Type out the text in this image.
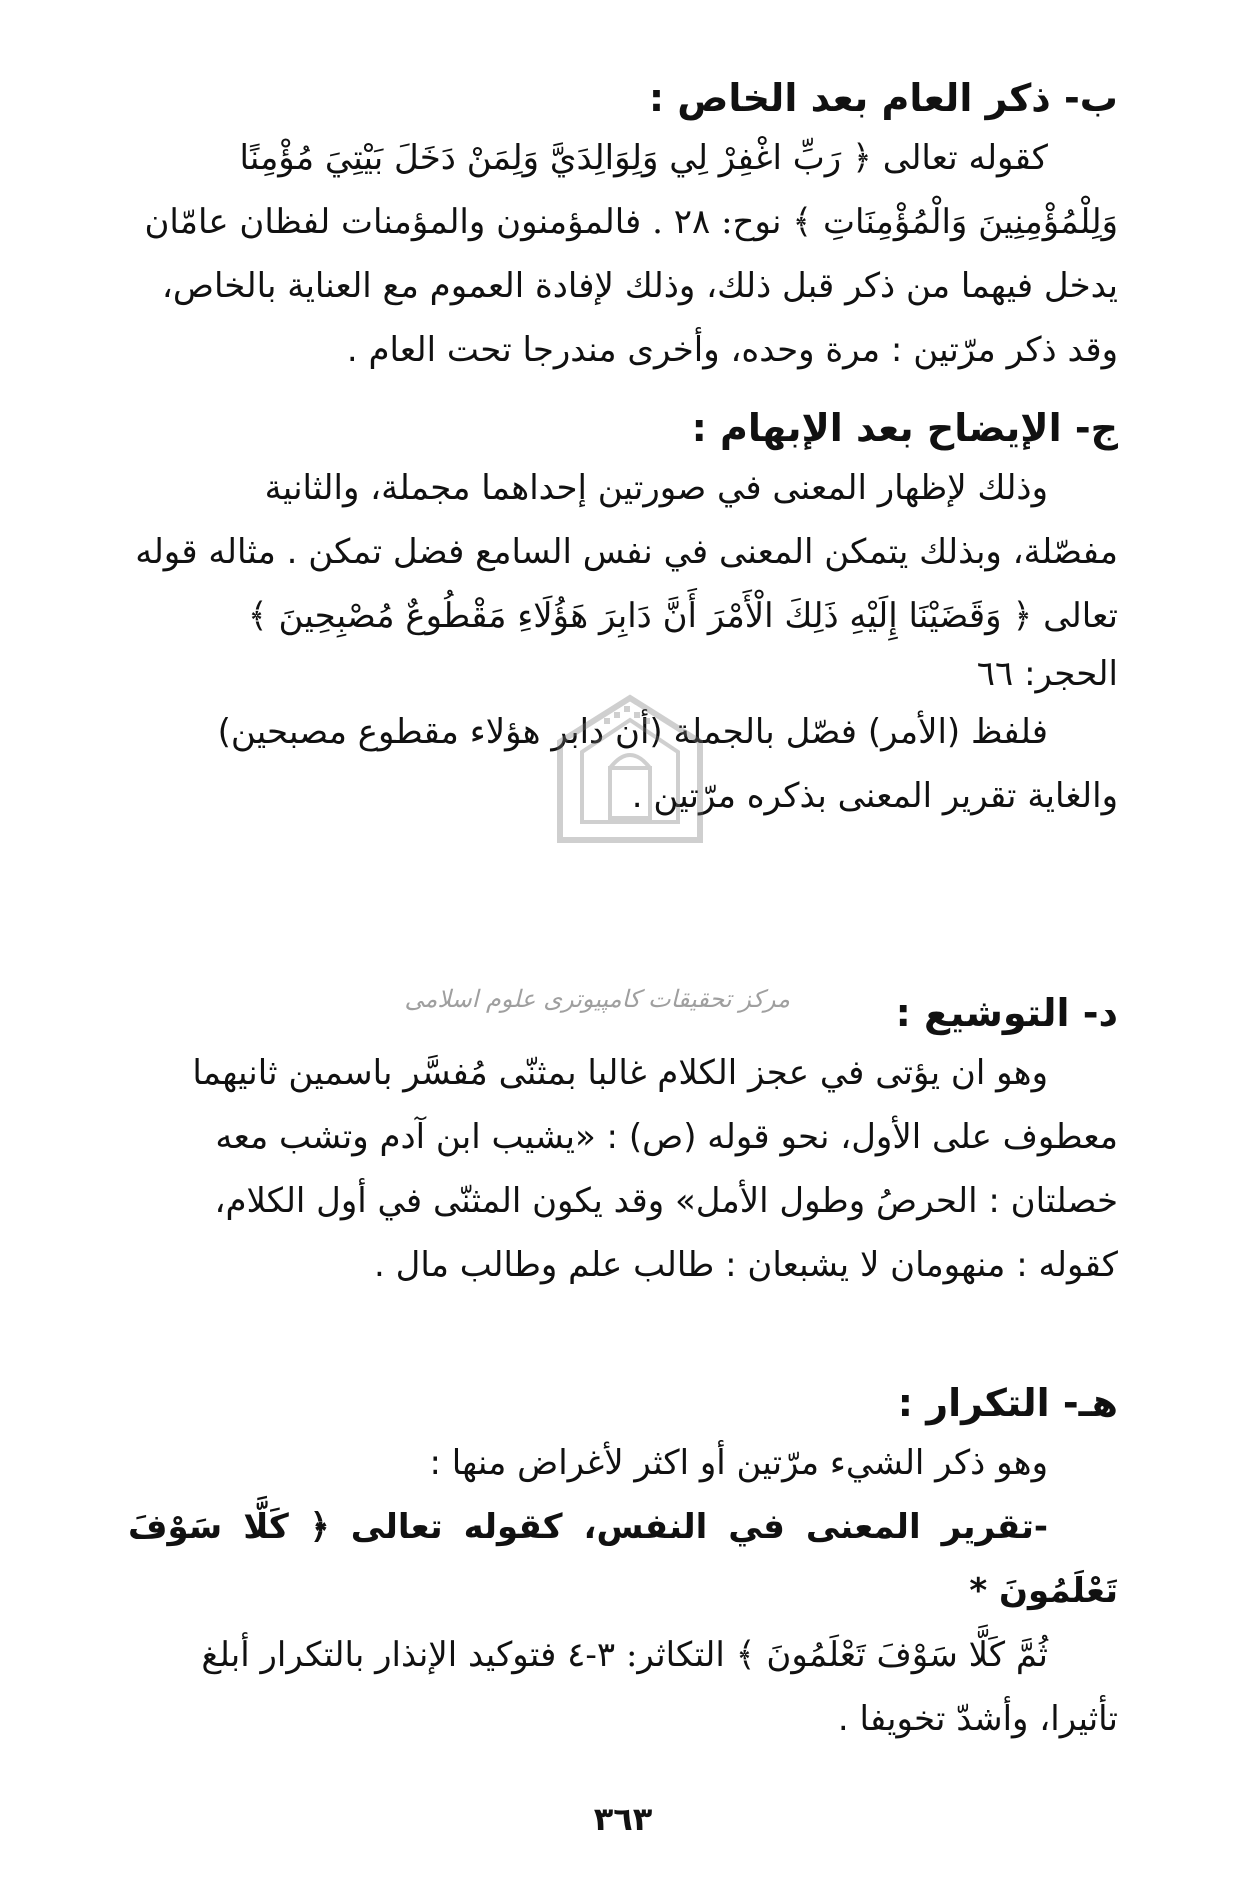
ب- ذكر العام بعد الخاص :

كقوله تعالى ﴿ رَبِّ اغْفِرْ لِي وَلِوَالِدَيَّ وَلِمَنْ دَخَلَ بَيْتِيَ مُؤْمِنًا

وَلِلْمُؤْمِنِينَ وَالْمُؤْمِنَاتِ ﴾ نوح: ٢٨ . فالمؤمنون والمؤمنات لفظان عامّان

يدخل فيهما من ذكر قبل ذلك، وذلك لإفادة العموم مع العناية بالخاص،

وقد ذكر مرّتين : مرة وحده، وأخرى مندرجا تحت العام .

ج- الإيضاح بعد الإبهام :

وذلك لإظهار المعنى في صورتين إحداهما مجملة، والثانية

مفصّلة، وبذلك يتمكن المعنى في نفس السامع فضل تمكن . مثاله قوله

تعالى ﴿ وَقَضَيْنَا إِلَيْهِ ذَلِكَ الْأَمْرَ أَنَّ دَابِرَ هَؤُلَاءِ مَقْطُوعٌ مُصْبِحِينَ ﴾

الحجر: ٦٦

فلفظ (الأمر) فصّل بالجملة (أن دابر هؤلاء مقطوع مصبحين)

والغاية تقرير المعنى بذكره مرّتين .

د- التوشيع :

وهو ان يؤتى في عجز الكلام غالبا بمثنّى مُفسَّر باسمين ثانيهما

معطوف على الأول، نحو قوله (ص) : «يشيب ابن آدم وتشب معه

خصلتان : الحرصُ وطول الأمل» وقد يكون المثنّى في أول الكلام،

كقوله : منهومان لا يشبعان : طالب علم وطالب مال .

هـ- التكرار :

وهو ذكر الشيء مرّتين أو اكثر لأغراض منها :

-تقرير المعنى في النفس، كقوله تعالى ﴿ كَلَّا سَوْفَ تَعْلَمُونَ *

ثُمَّ كَلَّا سَوْفَ تَعْلَمُونَ ﴾ التكاثر: ٣-٤ فتوكيد الإنذار بالتكرار أبلغ

تأثيرا، وأشدّ تخويفا .

مركز تحقيقات كامپيوترى علوم اسلامى
٣٦٣
